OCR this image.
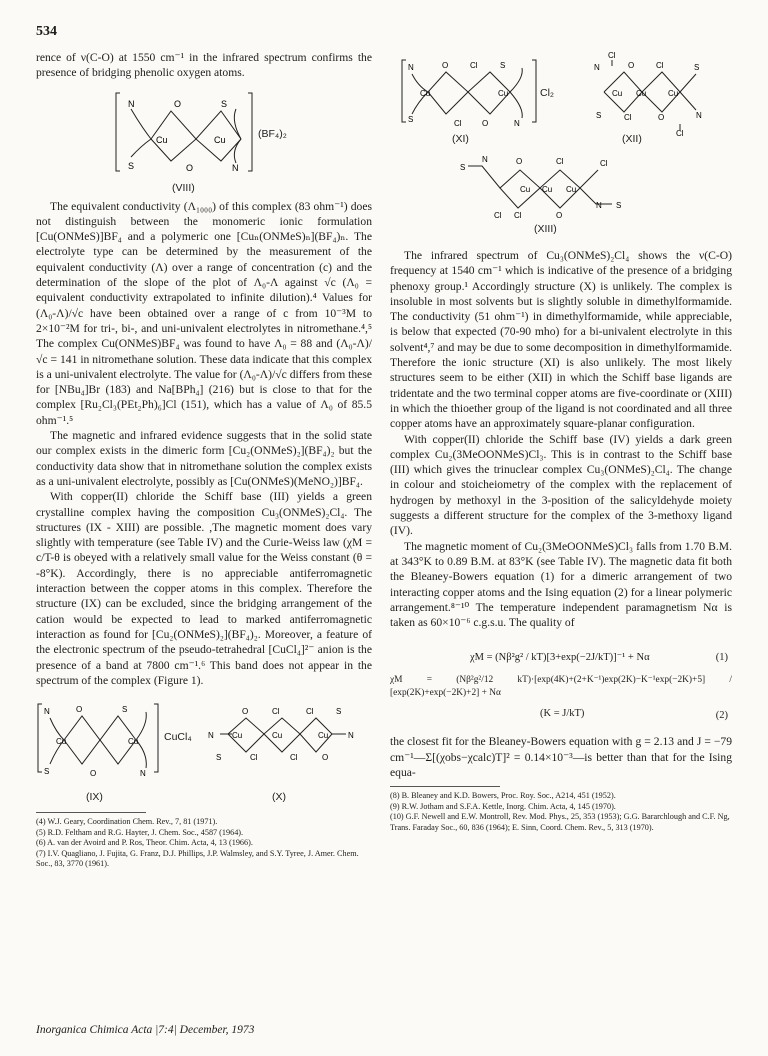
534

rence of ν(C-O) at 1550 cm⁻¹ in the infrared spectrum confirms the presence of bridging phenolic oxygen atoms.

N	O	S
Cu	Cu
S	O	N
(BF₄)₂
(VIII)

The equivalent conductivity (Λ₁₀₀₀) of this complex (83 ohm⁻¹) does not distinguish between the monomeric ionic formulation [Cu(ONMeS)]BF₄ and a polymeric one [Cuₙ(ONMeS)ₙ](BF₄)ₙ. The electrolyte type can be determined by the measurement of the equivalent conductivity (Λ) over a range of concentration (c) and the determination of the slope of the plot of Λ₀-Λ against √c (Λ₀ = equivalent conductivity extrapolated to infinite dilution).⁴ Values for (Λ₀-Λ)/√c have been obtained over a range of c from 10⁻³M to 2×10⁻²M for tri-, bi-, and uni-univalent electrolytes in nitromethane.⁴,⁵ The complex Cu(ONMeS)BF₄ was found to have Λ₀ = 88 and (Λ₀-Λ)/√c = 141 in nitromethane solution. These data indicate that this complex is a uni-univalent electrolyte. The value for (Λ₀-Λ)/√c differs from these for [NBu₄]Br (183) and Na[BPh₄] (216) but is close to that for the complex [Ru₂Cl₃(PEt₂Ph)₆]Cl (151), which has a value of Λ₀ of 85.5 ohm⁻¹.⁵

The magnetic and infrared evidence suggests that in the solid state our complex exists in the dimeric form [Cu₂(ONMeS)₂](BF₄)₂ but the conductivity data show that in nitromethane solution the complex exists as a uni-univalent electrolyte, possibly as [Cu(ONMeS)(MeNO₂)]BF₄.

With copper(II) chloride the Schiff base (III) yields a green crystalline complex having the composition Cu₃(ONMeS)₂Cl₄. The structures (IX - XIII) are possible. ,The magnetic moment does vary slightly with temperature (see Table IV) and the Curie-Weiss law (χM = c/T-θ is obeyed with a relatively small value for the Weiss constant (θ = -8°K). Accordingly, there is no appreciable antiferromagnetic interaction between the copper atoms in this complex. Therefore the structure (IX) can be excluded, since the bridging arrangement of the cation would be expected to lead to marked antiferromagnetic interaction as found for [Cu₂(ONMeS)₂](BF₄)₂. Moreover, a feature of the electronic spectrum of the pseudo-tetrahedral [CuCl₄]²⁻ anion is the presence of a band at 7800 cm⁻¹.⁶ This band does not appear in the spectrum of the complex (Figure 1).

N	O	S
Cu	Cu
S	O	N
O	Cl	Cl	S
N Cu	Cu	Cu N
S	Cl	Cl	O
CuCl₄
(IX)	(X)
(4) W.J. Geary, Coordination Chem. Rev., 7, 81 (1971).
(5) R.D. Feltham and R.G. Hayter, J. Chem. Soc., 4587 (1964).
(6) A. van der Avoird and P. Ros, Theor. Chim. Acta, 4, 13 (1966).
(7) I.V. Quagliano, J. Fujita, G. Franz, D.J. Phillips, J.P. Walmsley, and S.Y. Tyree, J. Amer. Chem. Soc., 83, 3770 (1961).
N	O	Cl	S
Cu	Cu
S	Cl	O	N
Cl
N	O	Cl	S
Cu Cu	Cu
S	Cl	O	N
Cl
Cl₂
(XI)	(XII)
S
N	O	Cl	Cl
Cu Cu Cu
Cl Cl	O
N S
(XIII)

The infrared spectrum of Cu₃(ONMeS)₂Cl₄ shows the ν(C-O) frequency at 1540 cm⁻¹ which is indicative of the presence of a bridging phenoxy group.¹ Accordingly structure (X) is unlikely. The complex is insoluble in most solvents but is slightly soluble in dimethylformamide. The conductivity (51 ohm⁻¹) in dimethylformamide, while appreciable, is below that expected (70-90 mho) for a bi-univalent electrolyte in this solvent⁴,⁷ and may be due to some decomposition in dimethylformamide. Therefore the ionic structure (XI) is also unlikely. The most likely structures seem to be either (XII) in which the Schiff base ligands are tridentate and the two terminal copper atoms are five-coordinate or (XIII) in which the thioether group of the ligand is not coordinated and all three copper atoms have an approximately square-planar configuration.

With copper(II) chloride the Schiff base (IV) yields a dark green complex Cu₂(3MeOONMeS)Cl₃. This is in contrast to the Schiff base (III) which gives the trinuclear complex Cu₃(ONMeS)₂Cl₄. The change in colour and stoicheiometry of the complex with the replacement of hydrogen by methoxyl in the 3-position of the salicyldehyde moiety suggests a different structure for the complex of the 3-methoxy ligand (IV).

The magnetic moment of Cu₂(3MeOONMeS)Cl₃ falls from 1.70 B.M. at 343°K to 0.89 B.M. at 83°K (see Table IV). The magnetic data fit both the Bleaney-Bowers equation (1) for a dimeric arrangement of two interacting copper atoms and the Ising equation (2) for a linear polymeric arrangement.⁸⁻¹⁰ The temperature independent paramagnetism Nα is taken as 60×10⁻⁶ c.g.s.u. The quality of

χM = (Nβ²g² / kT)[3+exp(−2J/kT)]⁻¹ + Nα	(1)
χM = (Nβ²g²/12 kT)·[exp(4K)+(2+K⁻¹)exp(2K)−K⁻¹exp(−2K)+5] / [exp(2K)+exp(−2K)+2] + Nα
(K = J/kT)	(2)

the closest fit for the Bleaney-Bowers equation with g = 2.13 and J = −79 cm⁻¹—Σ[(χobs−χcalc)T]² = 0.14×10⁻³—is better than that for the Ising equa-

(8) B. Bleaney and K.D. Bowers, Proc. Roy. Soc., A214, 451 (1952).
(9) R.W. Jotham and S.F.A. Kettle, Inorg. Chim. Acta, 4, 145 (1970).
(10) G.F. Newell and E.W. Montroll, Rev. Mod. Phys., 25, 353 (1953); G.G. Bararchlough and C.F. Ng, Trans. Faraday Soc., 60, 836 (1964); E. Sinn, Coord. Chem. Rev., 5, 313 (1970).
Inorganica Chimica Acta |7:4| December, 1973
